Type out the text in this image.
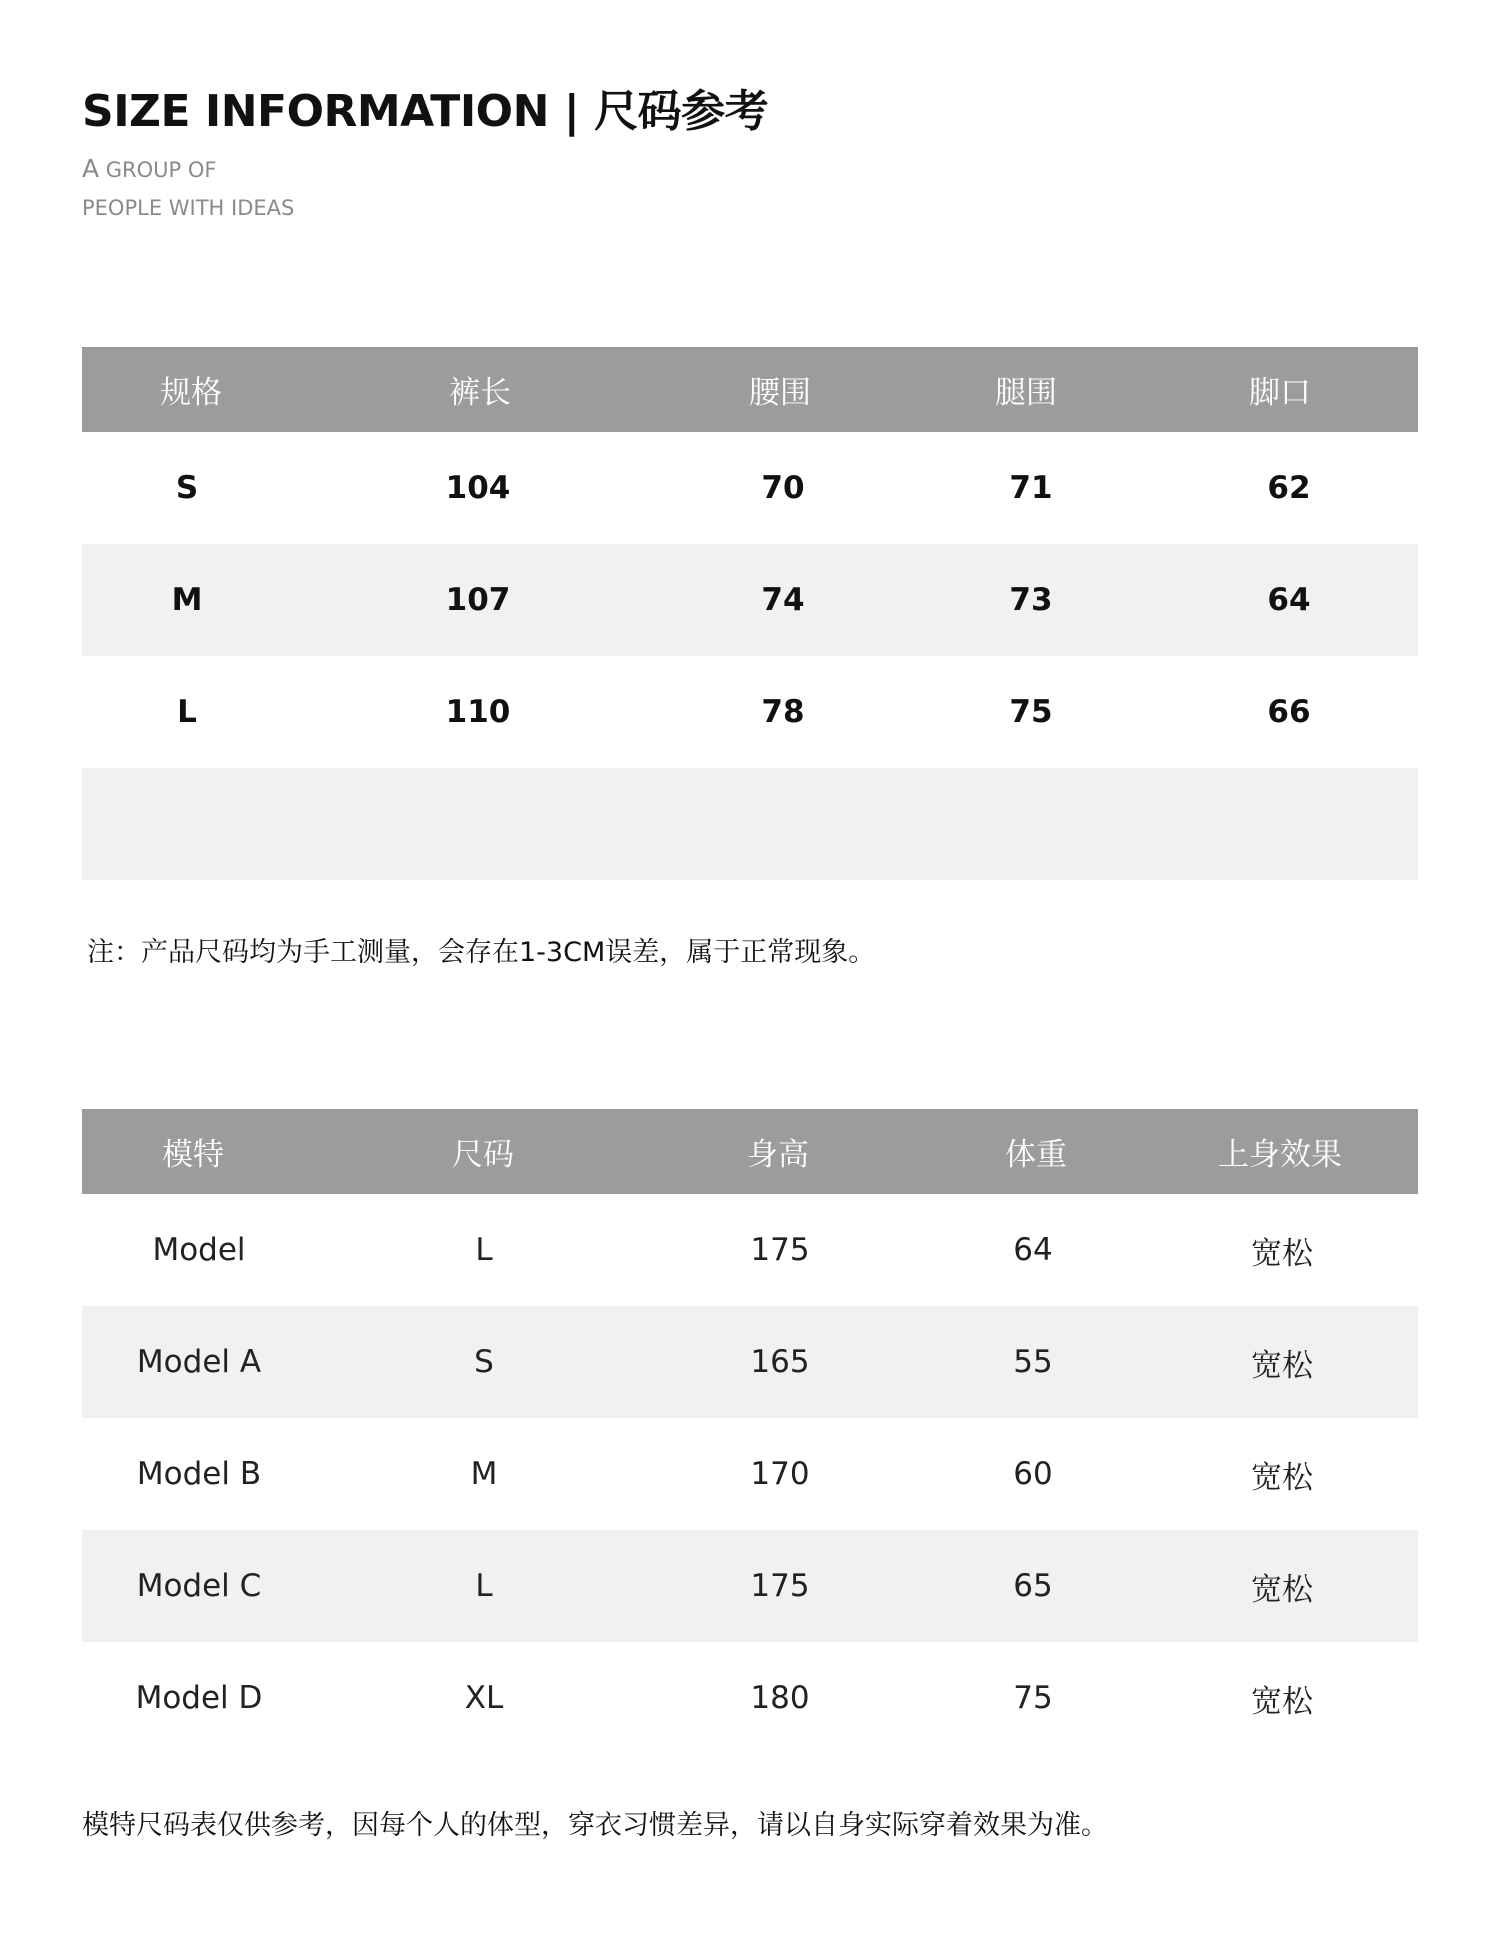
SIZE INFORMATION | 尺码参考
A GROUP OF
PEOPLE WITH IDEAS
规格	裤长	腰围	腿围	脚口
S	104	70	71	62
M	107	74	73	64
L	110	78	75	66
注：产品尺码均为手工测量，会存在1-3CM误差，属于正常现象。
模特	尺码	身高	体重	上身效果
Model	L	175	64	宽松
Model A	S	165	55	宽松
Model B	M	170	60	宽松
Model C	L	175	65	宽松
Model D	XL	180	75	宽松
模特尺码表仅供参考，因每个人的体型，穿衣习惯差异，请以自身实际穿着效果为准。
